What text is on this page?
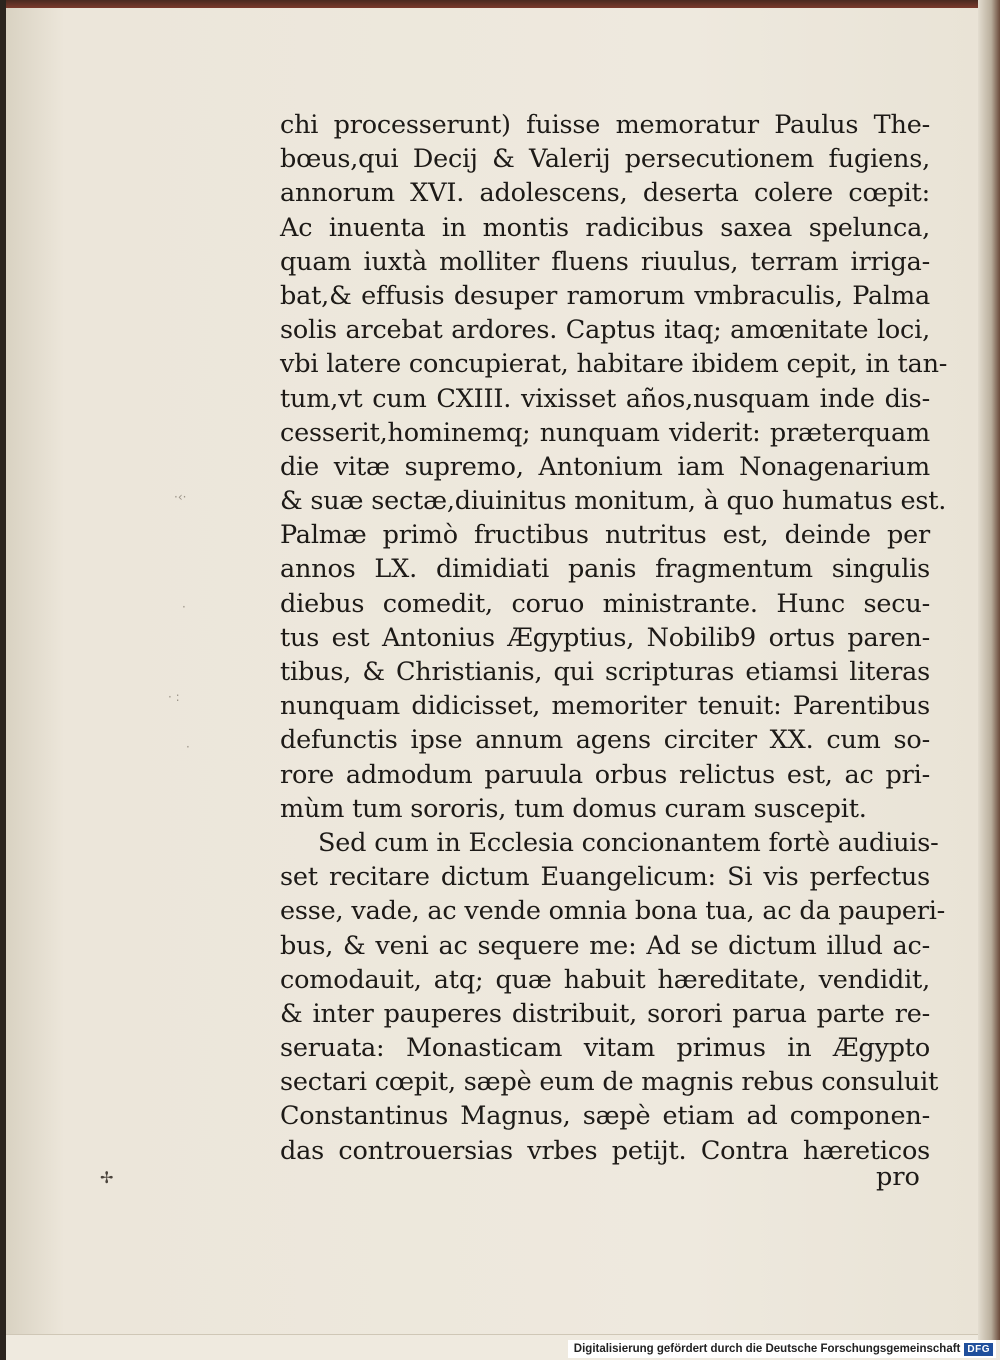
·‹·
·
· :
·
✢
chi processerunt) fuisse memoratur Paulus The-
bœus,qui Decij & Valerij persecutionem fugiens,
annorum XVI. adolescens, deserta colere cœpit:
Ac inuenta in montis radicibus saxea spelunca,
quam iuxtà molliter fluens riuulus, terram irriga-
bat,& effusis desuper ramorum vmbraculis, Palma
solis arcebat ardores. Captus itaq; amœnitate loci,
vbi latere concupierat, habitare ibidem cepit, in tan-
tum,vt cum CXIII. vixisset años,nusquam inde dis-
cesserit,hominemq; nunquam viderit: præterquam
die vitæ supremo, Antonium iam Nonagenarium
& suæ sectæ,diuinitus monitum, à quo humatus est.
Palmæ primò fructibus nutritus est, deinde per
annos LX. dimidiati panis fragmentum singulis
diebus comedit, coruo ministrante. Hunc secu-
tus est Antonius Ægyptius, Nobilib9 ortus paren-
tibus, & Christianis, qui scripturas etiamsi literas
nunquam didicisset, memoriter tenuit: Parentibus
defunctis ipse annum agens circiter XX. cum so-
rore admodum paruula orbus relictus est, ac pri-
mùm tum sororis, tum domus curam suscepit.
Sed cum in Ecclesia concionantem fortè audiuis-
set recitare dictum Euangelicum: Si vis perfectus
esse, vade, ac vende omnia bona tua, ac da pauperi-
bus, & veni ac sequere me: Ad se dictum illud ac-
comodauit, atq; quæ habuit hæreditate, vendidit,
& inter pauperes distribuit, sorori parua parte re-
seruata: Monasticam vitam primus in Ægypto
sectari cœpit, sæpè eum de magnis rebus consuluit
Constantinus Magnus, sæpè etiam ad componen-
das controuersias vrbes petijt. Contra hæreticos
pro
Digitalisierung gefördert durch die Deutsche Forschungsgemeinschaft DFG
